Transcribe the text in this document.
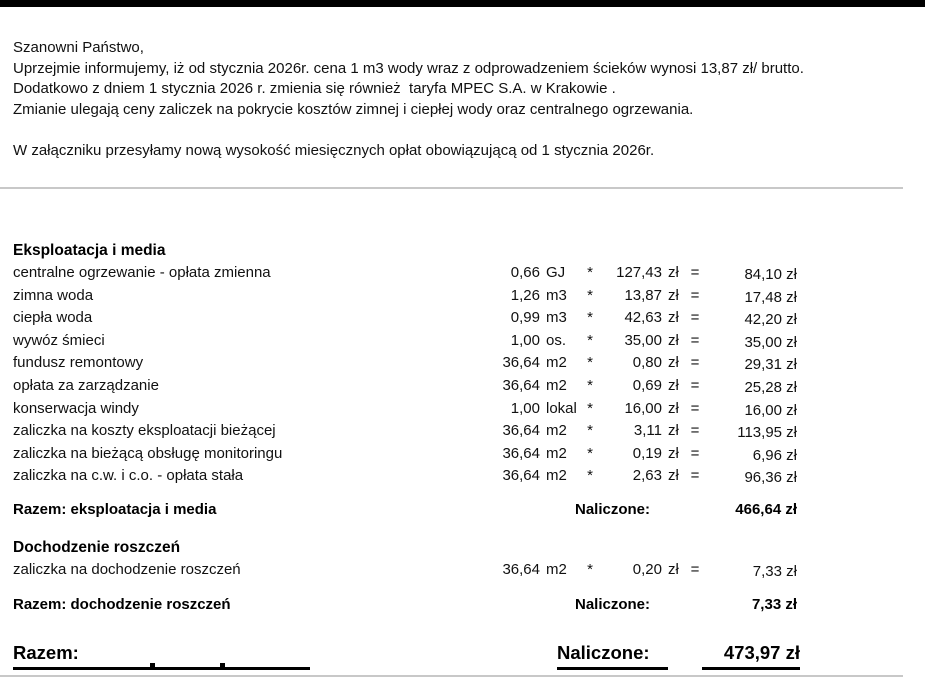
Szanowni Państwo,
Uprzejmie informujemy, iż od stycznia 2026r. cena 1 m3 wody wraz z odprowadzeniem ścieków wynosi 13,87 zł/ brutto.
Dodatkowo z dniem 1 stycznia 2026 r. zmienia się również  taryfa MPEC S.A. w Krakowie .
Zmianie ulegają ceny zaliczek na pokrycie kosztów zimnej i ciepłej wody oraz centralnego ogrzewania.
W załączniku przesyłamy nową wysokość miesięcznych opłat obowiązującą od 1 stycznia 2026r.
Eksploatacja i media
centralne ogrzewanie - opłata zmienna	0,66 GJ	*	127,43 zł =	84,10 zł
zimna woda	1,26 m3	*	13,87 zł =	17,48 zł
ciepła woda	0,99 m3	*	42,63 zł =	42,20 zł
wywóz śmieci	1,00 os.	*	35,00 zł =	35,00 zł
fundusz remontowy	36,64 m2	*	0,80 zł =	29,31 zł
opłata za zarządzanie	36,64 m2	*	0,69 zł =	25,28 zł
konserwacja windy	1,00 lokal *	16,00 zł =	16,00 zł
zaliczka na koszty eksploatacji bieżącej	36,64 m2	*	3,11 zł =	113,95 zł
zaliczka na bieżącą obsługę monitoringu	36,64 m2	*	0,19 zł =	6,96 zł
zaliczka na c.w. i c.o. - opłata stała	36,64 m2	*	2,63 zł =	96,36 zł
Razem: eksploatacja i media	Naliczone:	466,64 zł
Dochodzenie roszczeń
zaliczka na dochodzenie roszczeń	36,64 m2	*	0,20 zł =	7,33 zł
Razem: dochodzenie roszczeń	Naliczone:	7,33 zł
Razem:	Naliczone:	473,97 zł
